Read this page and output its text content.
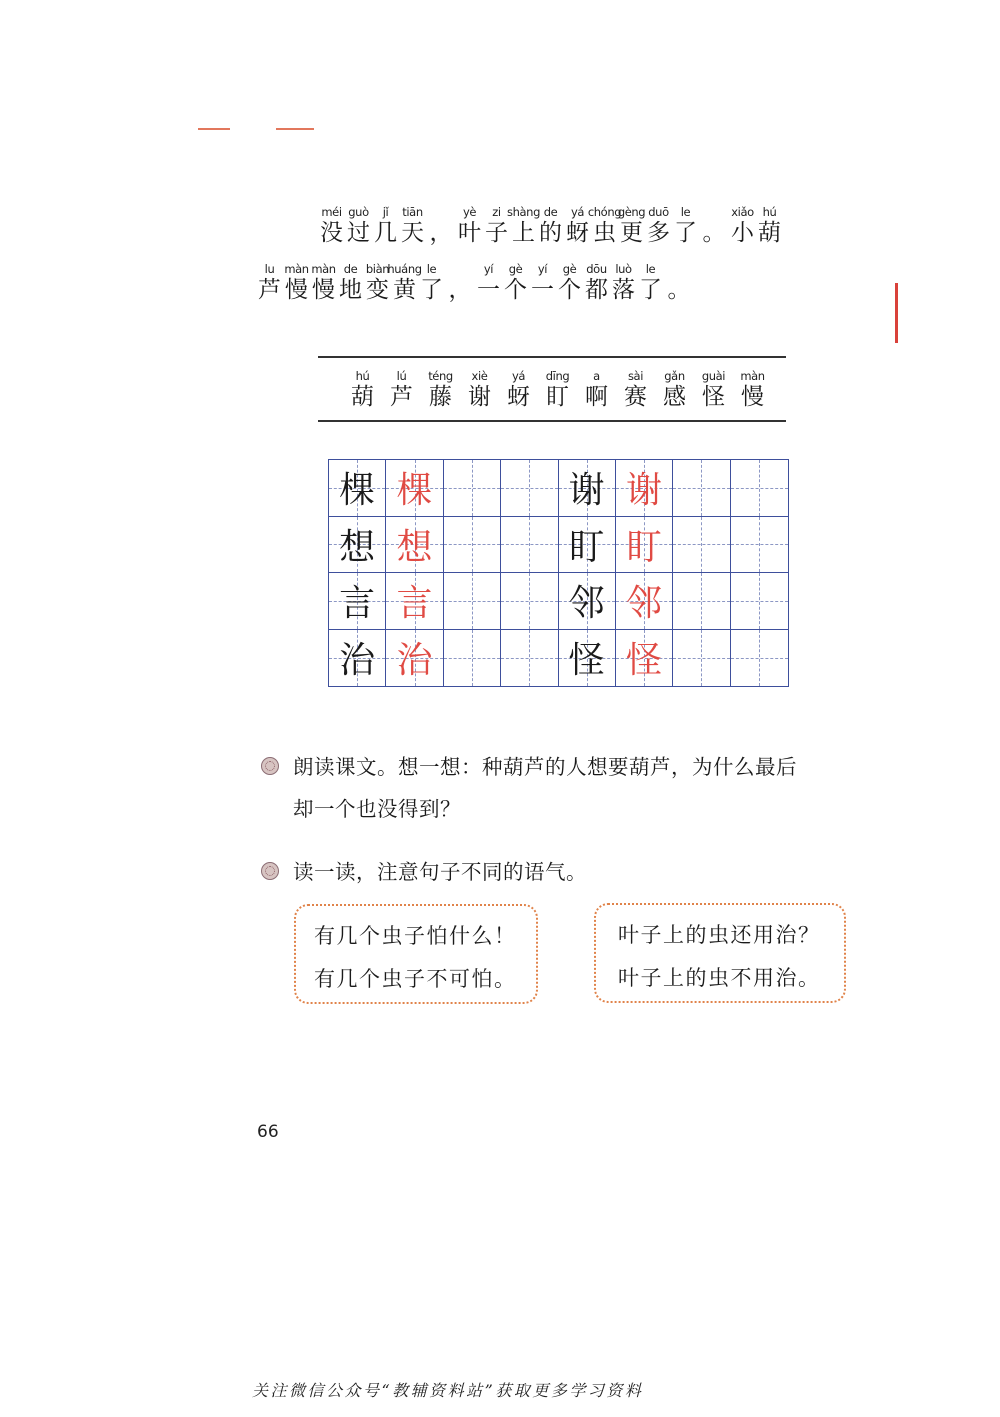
méi
没
guò
过
jǐ
几
tiān
天 ，
yè
叶
zi
子
shàng
上
de
的
yá
蚜
chóng
虫
gèng
更
duō
多
le
了 。
xiǎo
小
hú
葫
lu
芦
màn
慢
màn
慢
de
地
biàn
变
huáng
黄
le
了 ，
yí
一
gè
个
yí
一
gè
个
dōu
都
luò
落
le
了 。
hú
葫
lú
芦
téng
藤
xiè
谢
yá
蚜
dīng
盯
a
啊
sài
赛
gǎn
感
guài
怪
màn
慢
棵 棵	谢 谢
想 想	盯 盯
言 言	邻 邻
治 治	怪 怪
朗读课文。想一想：种葫芦的人想要葫芦，为什么最后
却一个也没得到？
读一读，注意句子不同的语气。
有几个虫子怕什么！
有几个虫子不可怕。
叶子上的虫还用治？
叶子上的虫不用治。
66
关注微信公众号“教辅资料站”获取更多学习资料
